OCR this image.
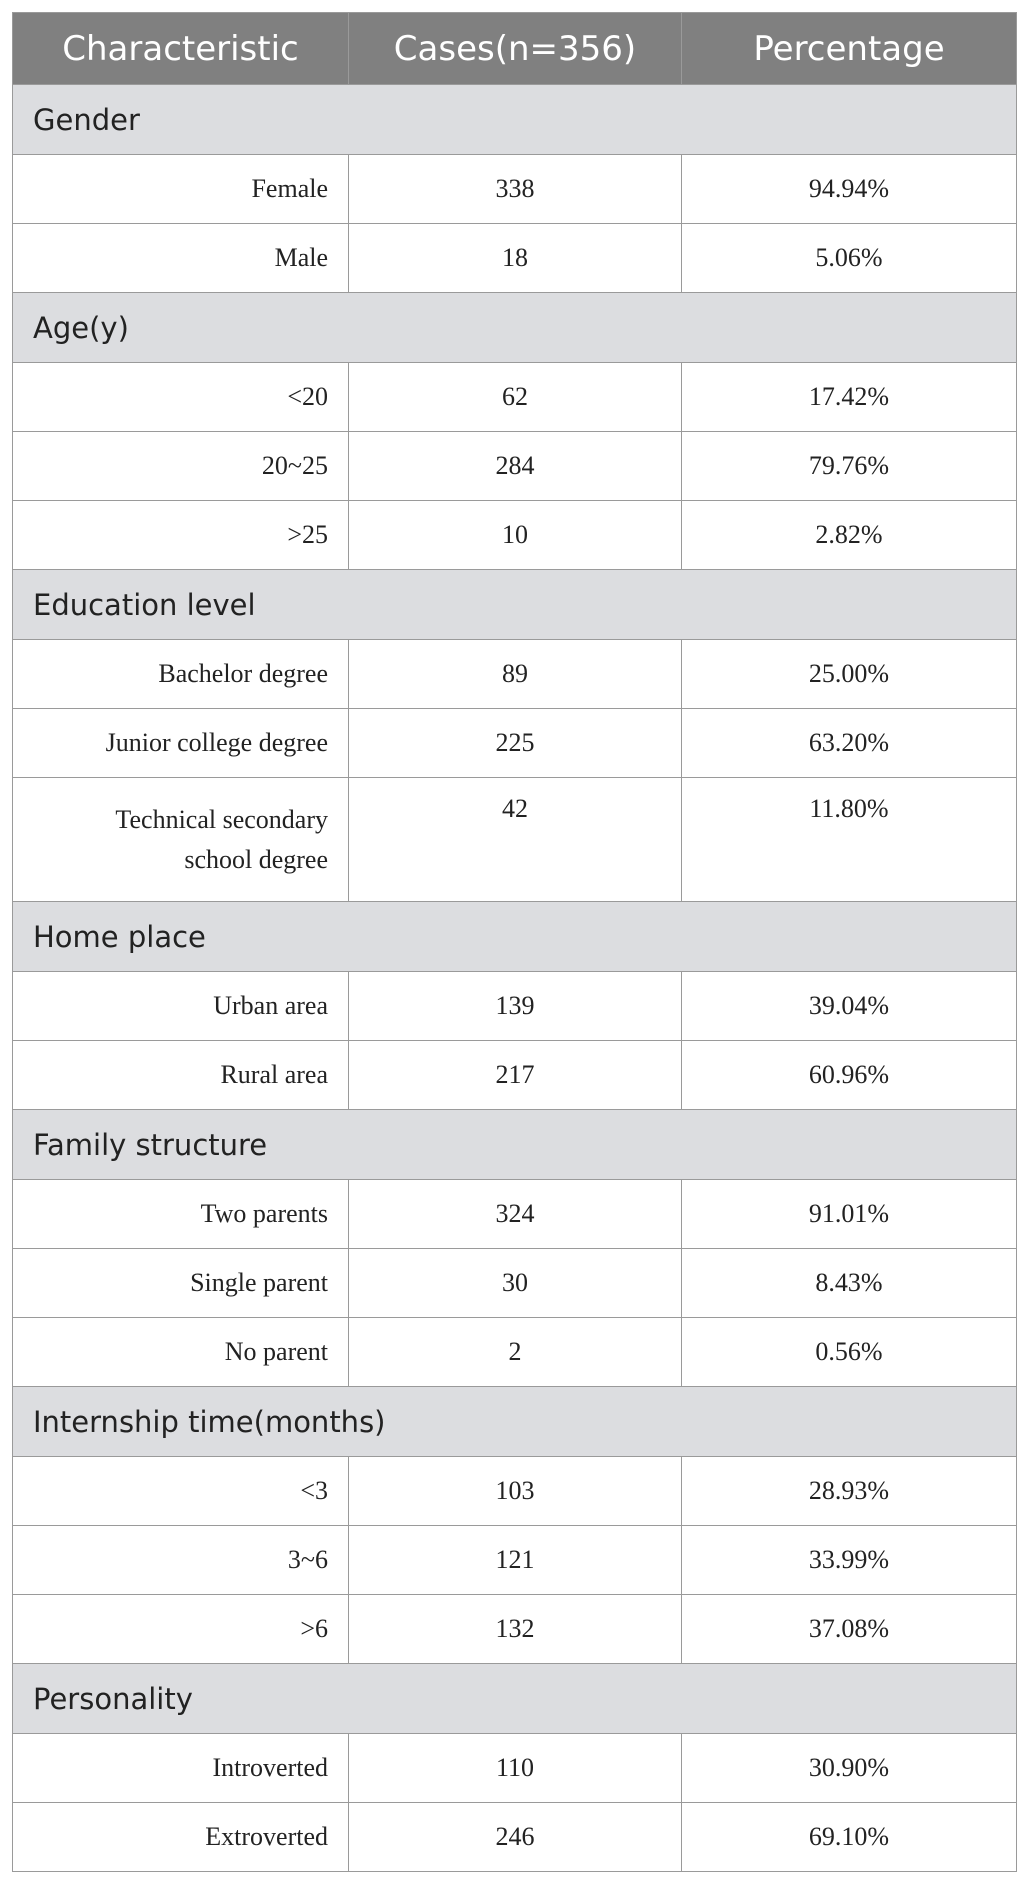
Characteristic	Cases(n=356)	Percentage
Gender		
Female	338	94.94%
Male	18	5.06%
Age(y)		
<20	62	17.42%
20~25	284	79.76%
>25	10	2.82%
Education level		
Bachelor degree	89	25.00%
Junior college degree	225	63.20%
Technical secondary
school degree	42	11.80%
Home place		
Urban area	139	39.04%
Rural area	217	60.96%
Family structure		
Two parents	324	91.01%
Single parent	30	8.43%
No parent	2	0.56%
Internship time(months)		
<3	103	28.93%
3~6	121	33.99%
>6	132	37.08%
Personality		
Introverted	110	30.90%
Extroverted	246	69.10%
